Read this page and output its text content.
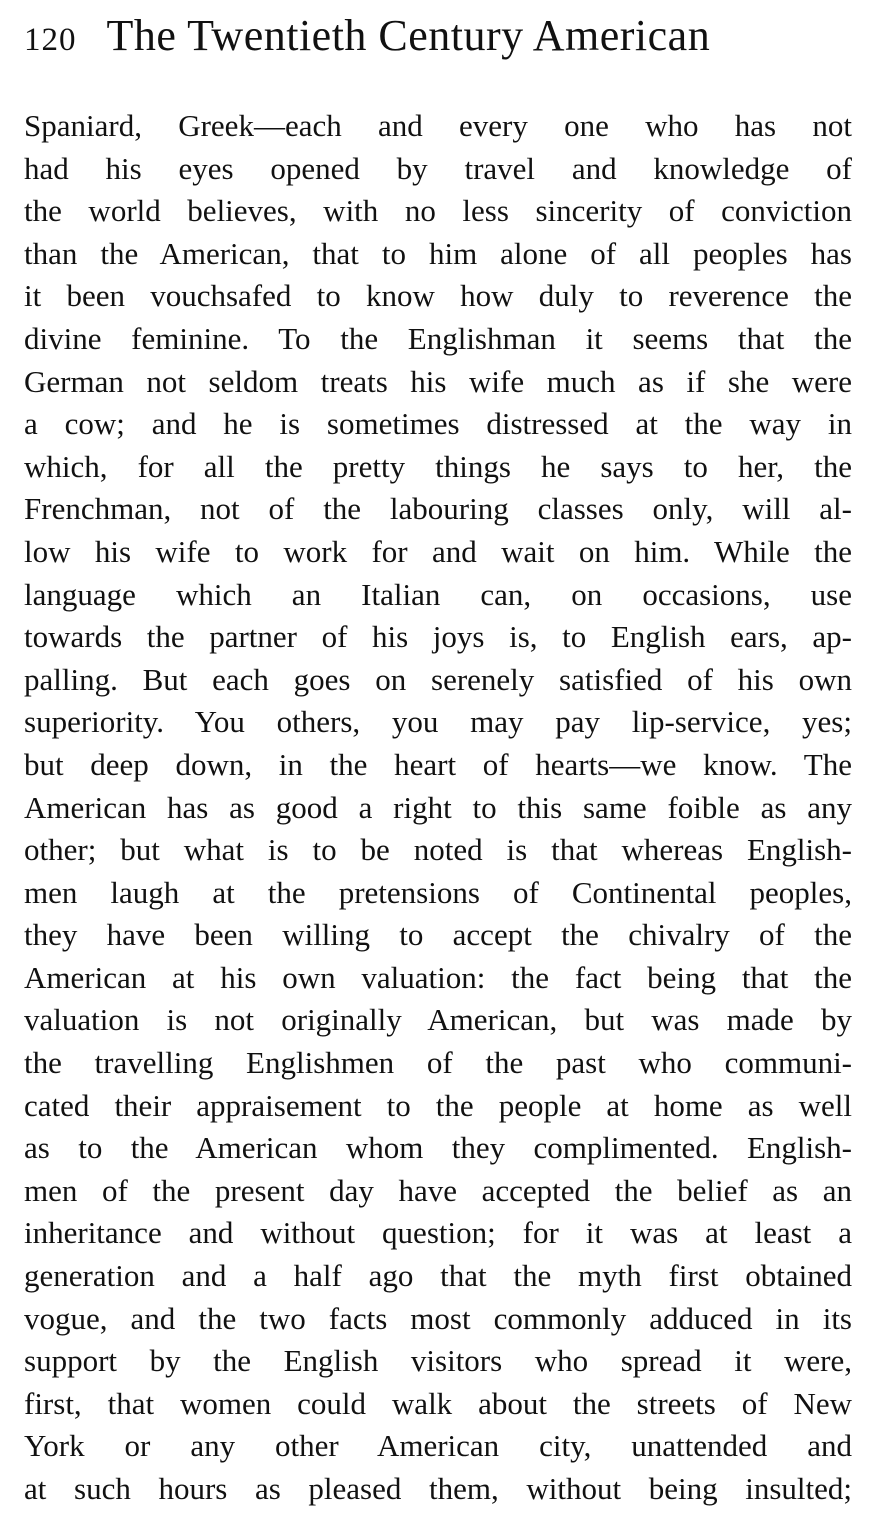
120 The Twentieth Century American
Spaniard, Greek—each and every one who has not
had his eyes opened by travel and knowledge of
the world believes, with no less sincerity of conviction
than the American, that to him alone of all peoples has
it been vouchsafed to know how duly to reverence the
divine feminine. To the Englishman it seems that the
German not seldom treats his wife much as if she were
a cow; and he is sometimes distressed at the way in
which, for all the pretty things he says to her, the
Frenchman, not of the labouring classes only, will al-
low his wife to work for and wait on him. While the
language which an Italian can, on occasions, use
towards the partner of his joys is, to English ears, ap-
palling. But each goes on serenely satisfied of his own
superiority. You others, you may pay lip-service, yes;
but deep down, in the heart of hearts—we know. The
American has as good a right to this same foible as any
other; but what is to be noted is that whereas English-
men laugh at the pretensions of Continental peoples,
they have been willing to accept the chivalry of the
American at his own valuation: the fact being that the
valuation is not originally American, but was made by
the travelling Englishmen of the past who communi-
cated their appraisement to the people at home as well
as to the American whom they complimented. English-
men of the present day have accepted the belief as an
inheritance and without question; for it was at least a
generation and a half ago that the myth first obtained
vogue, and the two facts most commonly adduced in its
support by the English visitors who spread it were,
first, that women could walk about the streets of New
York or any other American city, unattended and
at such hours as pleased them, without being insulted;
